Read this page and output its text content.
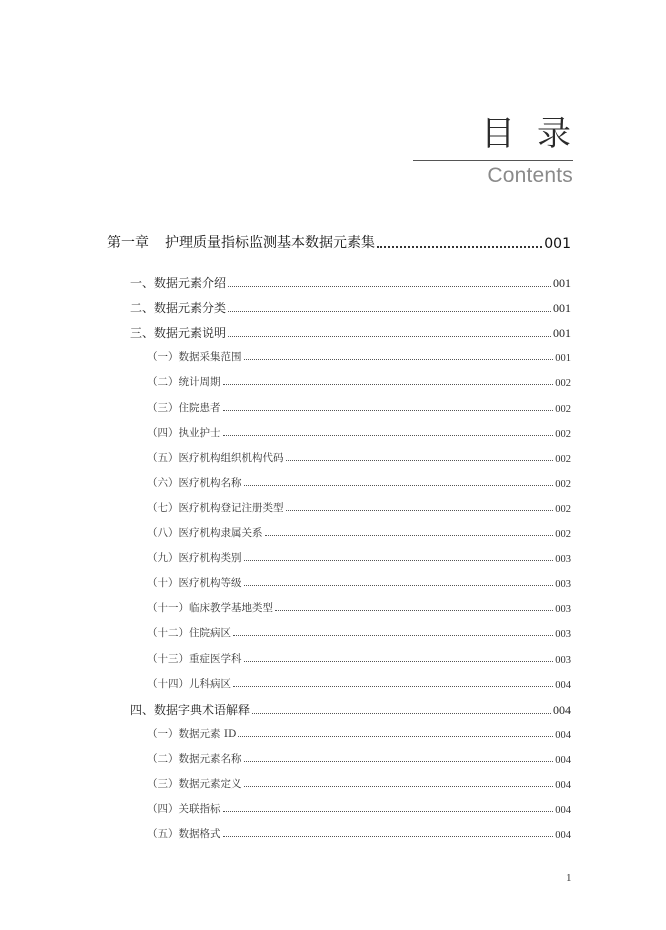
目录
Contents
第一章 护理质量指标监测基本数据元素集	001
一、数据元素介绍	001
二、数据元素分类	001
三、数据元素说明	001
（一）数据采集范围	001
（二）统计周期	002
（三）住院患者	002
（四）执业护士	002
（五）医疗机构组织机构代码	002
（六）医疗机构名称	002
（七）医疗机构登记注册类型	002
（八）医疗机构隶属关系	002
（九）医疗机构类别	003
（十）医疗机构等级	003
（十一）临床教学基地类型	003
（十二）住院病区	003
（十三）重症医学科	003
（十四）儿科病区	004
四、数据字典术语解释	004
（一）数据元素 ID	004
（二）数据元素名称	004
（三）数据元素定义	004
（四）关联指标	004
（五）数据格式	004
1
